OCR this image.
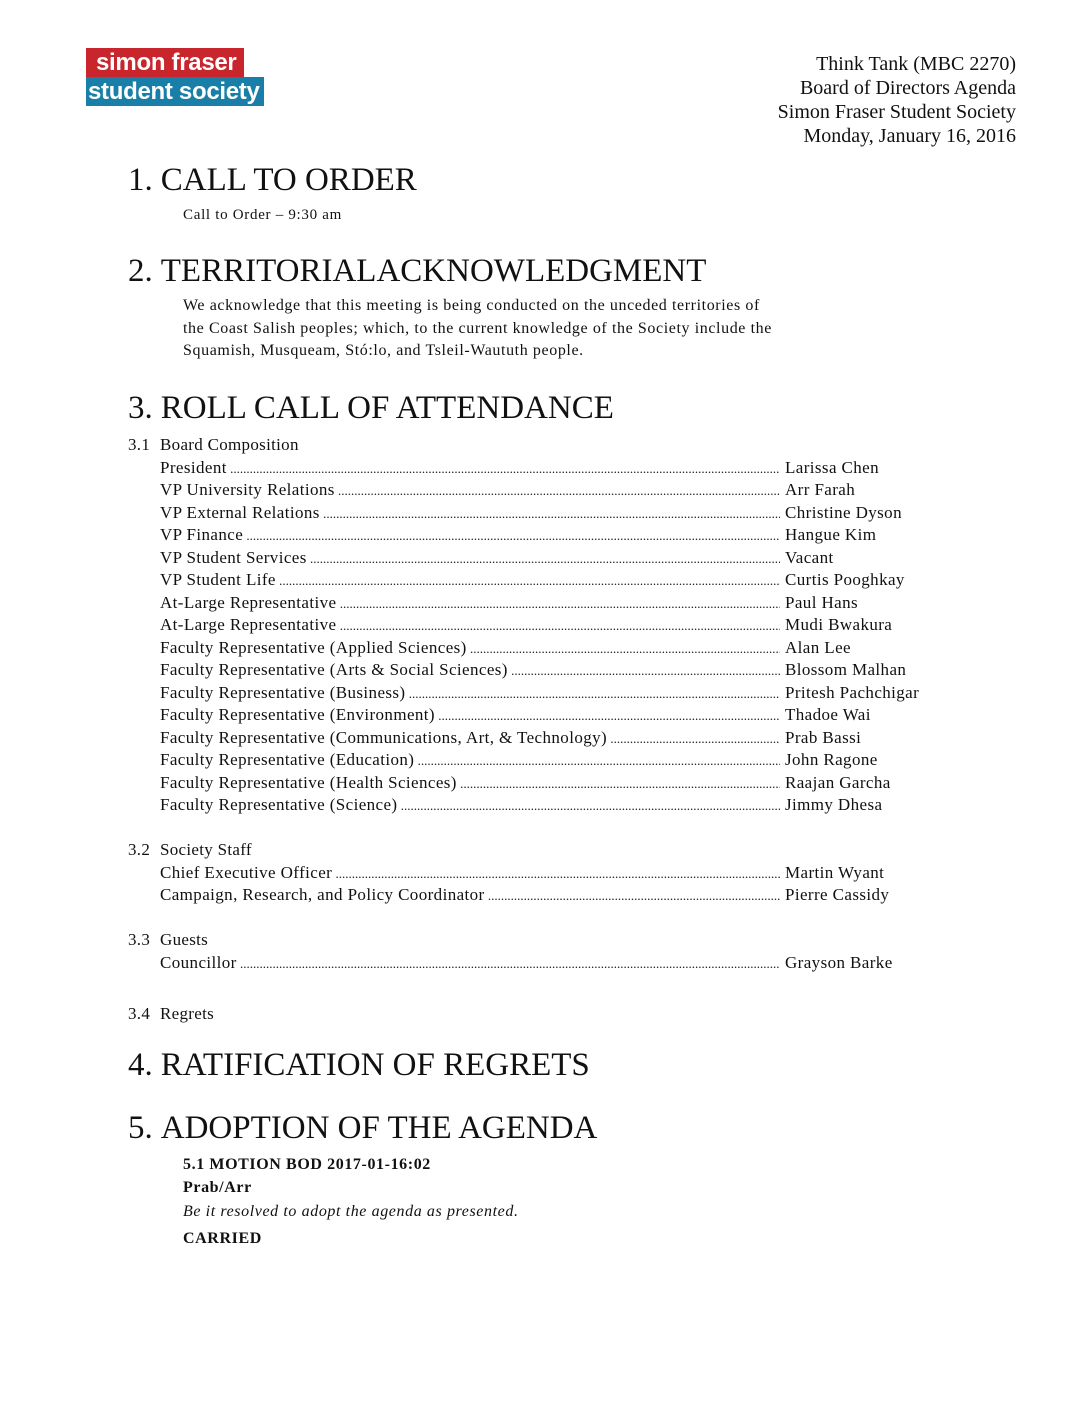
simon fraser
student society
Think Tank (MBC 2270)
Board of Directors Agenda
Simon Fraser Student Society
Monday, January 16, 2016
1. CALL TO ORDER
Call to Order – 9:30 am
2. TERRITORIALACKNOWLEDGMENT
We acknowledge that this meeting is being conducted on the unceded territories of
the Coast Salish peoples; which, to the current knowledge of the Society include the
Squamish, Musqueam, Stó:lo, and Tsleil-Waututh people.
3. ROLL CALL OF ATTENDANCE
3.1 Board Composition
President .....	Larissa Chen
VP University Relations .....	Arr Farah
VP External Relations .....	Christine Dyson
VP Finance .....	Hangue Kim
VP Student Services .....	Vacant
VP Student Life .....	Curtis Pooghkay
At-Large Representative .....	Paul Hans
At-Large Representative .....	Mudi Bwakura
Faculty Representative (Applied Sciences) .....	Alan Lee
Faculty Representative (Arts & Social Sciences) .....	Blossom Malhan
Faculty Representative (Business) .....	Pritesh Pachchigar
Faculty Representative (Environment) .....	Thadoe Wai
Faculty Representative (Communications, Art, & Technology) .....	Prab Bassi
Faculty Representative (Education) .....	John Ragone
Faculty Representative (Health Sciences) .....	Raajan Garcha
Faculty Representative (Science) .....	Jimmy Dhesa
3.2 Society Staff
Chief Executive Officer .....	Martin Wyant
Campaign, Research, and Policy Coordinator .....	Pierre Cassidy
3.3 Guests
Councillor .....	Grayson Barke
3.4 Regrets
4. RATIFICATION OF REGRETS
5. ADOPTION OF THE AGENDA
5.1 MOTION BOD 2017-01-16:02
Prab/Arr
Be it resolved to adopt the agenda as presented.
CARRIED
